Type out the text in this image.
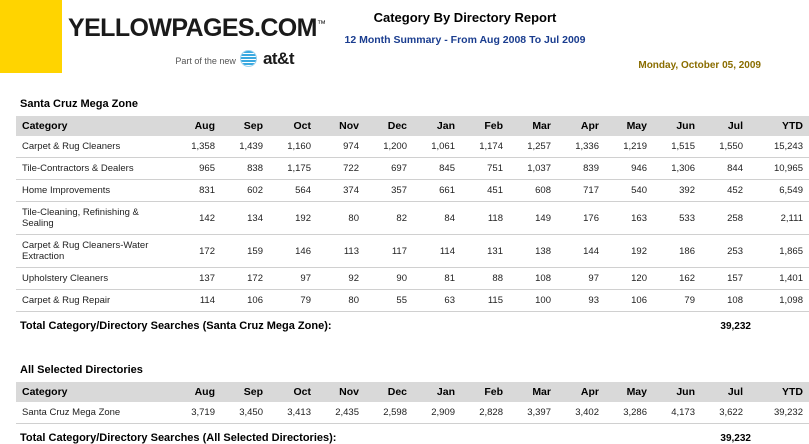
YELLOWPAGES.COM™
Part of the new at&t
Category By Directory Report
12 Month Summary - From Aug 2008 To Jul 2009
Monday, October 05, 2009
Santa Cruz Mega Zone
Category	Aug	Sep	Oct	Nov	Dec	Jan	Feb	Mar	Apr	May	Jun	Jul	YTD
Carpet & Rug Cleaners	1,358	1,439	1,160	974	1,200	1,061	1,174	1,257	1,336	1,219	1,515	1,550	15,243
Tile-Contractors & Dealers	965	838	1,175	722	697	845	751	1,037	839	946	1,306	844	10,965
Home Improvements	831	602	564	374	357	661	451	608	717	540	392	452	6,549
Tile-Cleaning, Refinishing & Sealing	142	134	192	80	82	84	118	149	176	163	533	258	2,111
Carpet & Rug Cleaners-Water Extraction	172	159	146	113	117	114	131	138	144	192	186	253	1,865
Upholstery Cleaners	137	172	97	92	90	81	88	108	97	120	162	157	1,401
Carpet & Rug Repair	114	106	79	80	55	63	115	100	93	106	79	108	1,098
Total Category/Directory Searches (Santa Cruz Mega Zone):	39,232
All Selected Directories
Category	Aug	Sep	Oct	Nov	Dec	Jan	Feb	Mar	Apr	May	Jun	Jul	YTD
Santa Cruz Mega Zone	3,719	3,450	3,413	2,435	2,598	2,909	2,828	3,397	3,402	3,286	4,173	3,622	39,232
Total Category/Directory Searches (All Selected Directories):	39,232
